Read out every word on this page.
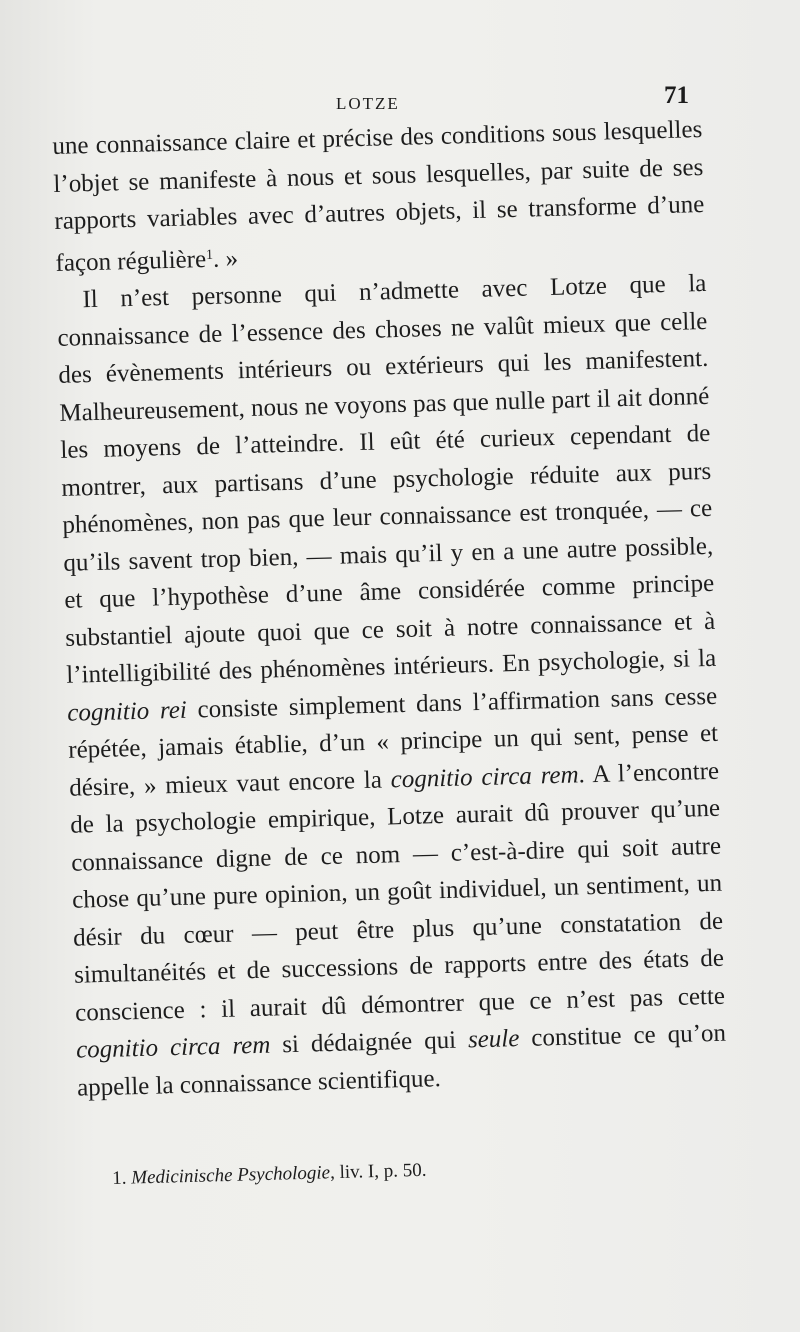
LOTZE	71

une connaissance claire et précise des conditions sous lesquelles l’objet se manifeste à nous et sous lesquelles, par suite de ses rapports variables avec d’autres objets, il se transforme d’une façon régulière$^1$. »

Il n’est personne qui n’admette avec Lotze que la connaissance de l’essence des choses ne valût mieux que celle des évènements intérieurs ou extérieurs qui les manifestent. Malheureusement, nous ne voyons pas que nulle part il ait donné les moyens de l’atteindre. Il eût été curieux cependant de montrer, aux partisans d’une psychologie réduite aux purs phénomènes, non pas que leur connaissance est tronquée, — ce qu’ils savent trop bien, — mais qu’il y en a une autre possible, et que l’hypothèse d’une âme considérée comme principe substantiel ajoute quoi que ce soit à notre connaissance et à l’intelligibilité des phénomènes intérieurs. En psychologie, si la cognitio rei consiste simplement dans l’affirmation sans cesse répétée, jamais établie, d’un « principe un qui sent, pense et désire, » mieux vaut encore la cognitio circa rem. A l’encontre de la psychologie empirique, Lotze aurait dû prouver qu’une connaissance digne de ce nom — c’est-à-dire qui soit autre chose qu’une pure opinion, un goût individuel, un sentiment, un désir du cœur — peut être plus qu’une constatation de simultanéités et de successions de rapports entre des états de conscience : il aurait dû démontrer que ce n’est pas cette cognitio circa rem si dédaignée qui seule constitue ce qu’on appelle la connaissance scientifique.

1. Medicinische Psychologie, liv. I, p. 50.
